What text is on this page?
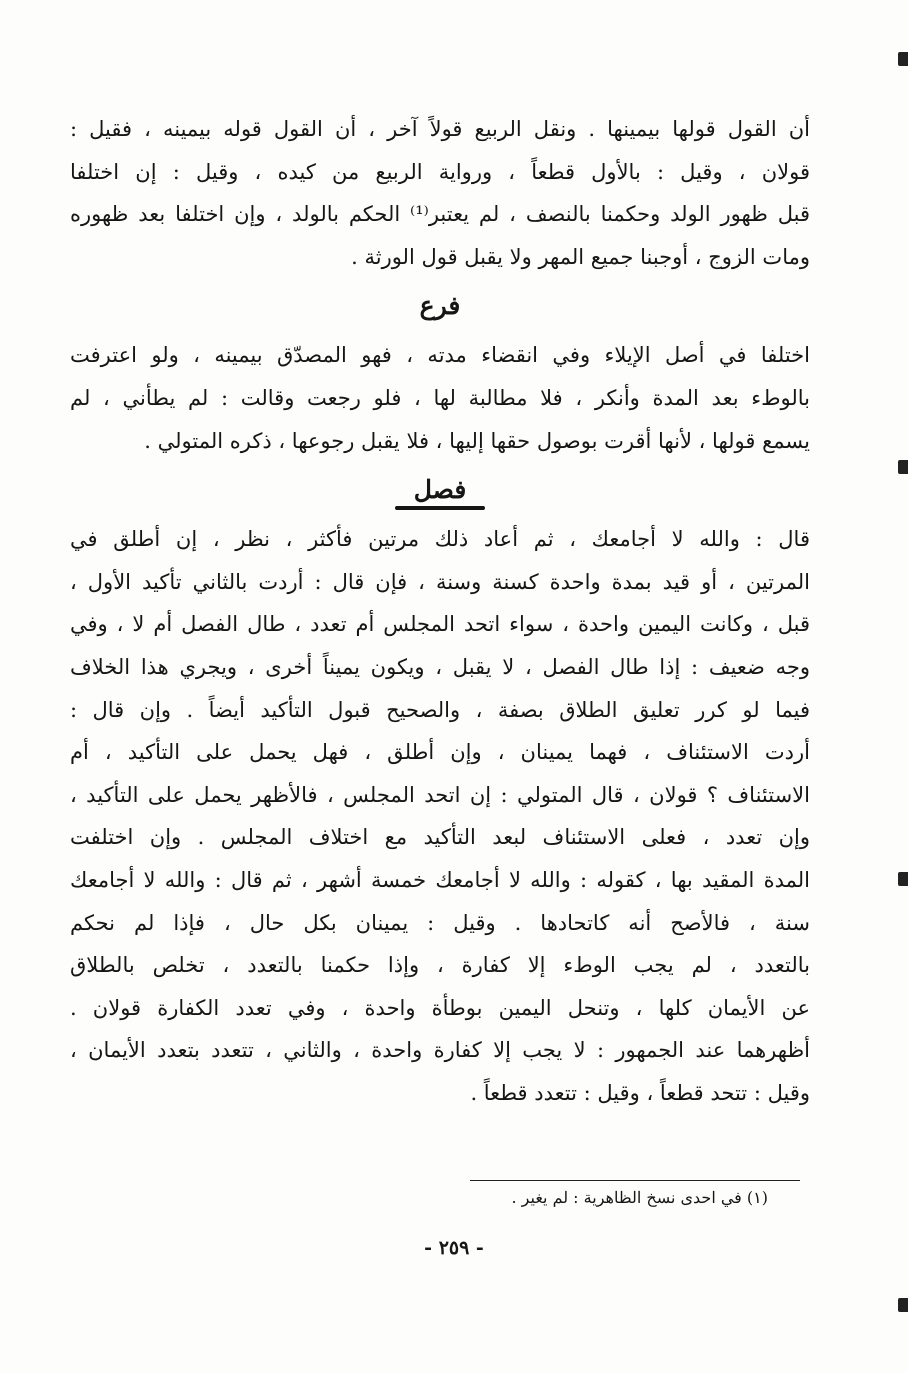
أن القول قولها بيمينها . ونقل الربيع قولاً آخر ، أن القول قوله بيمينه ، فقيل :
قولان ، وقيل : بالأول قطعاً ، ورواية الربيع من كيده ، وقيل : إن اختلفا
قبل ظهور الولد وحكمنا بالنصف ، لم يعتبر⁽¹⁾ الحكم بالولد ، وإن اختلفا بعد ظهوره
ومات الزوج ، أوجبنا جميع المهر ولا يقبل قول الورثة .

فرع

اختلفا في أصل الإيلاء وفي انقضاء مدته ، فهو المصدّق بيمينه ، ولو اعترفت
بالوطء بعد المدة وأنكر ، فلا مطالبة لها ، فلو رجعت وقالت : لم يطأني ، لم
يسمع قولها ، لأنها أقرت بوصول حقها إليها ، فلا يقبل رجوعها ، ذكره المتولي .

فصل

قال : والله لا أجامعك ، ثم أعاد ذلك مرتين فأكثر ، نظر ، إن أطلق في
المرتين ، أو قيد بمدة واحدة كسنة وسنة ، فإن قال : أردت بالثاني تأكيد الأول ،
قبل ، وكانت اليمين واحدة ، سواء اتحد المجلس أم تعدد ، طال الفصل أم لا ، وفي
وجه ضعيف : إذا طال الفصل ، لا يقبل ، ويكون يميناً أخرى ، ويجري هذا الخلاف
فيما لو كرر تعليق الطلاق بصفة ، والصحيح قبول التأكيد أيضاً . وإن قال :
أردت الاستئناف ، فهما يمينان ، وإن أطلق ، فهل يحمل على التأكيد ، أم
الاستئناف ؟ قولان ، قال المتولي : إن اتحد المجلس ، فالأظهر يحمل على التأكيد ،
وإن تعدد ، فعلى الاستئناف لبعد التأكيد مع اختلاف المجلس . وإن اختلفت
المدة المقيد بها ، كقوله : والله لا أجامعك خمسة أشهر ، ثم قال : والله لا أجامعك
سنة ، فالأصح أنه كاتحادها . وقيل : يمينان بكل حال ، فإذا لم نحكم
بالتعدد ، لم يجب الوطء إلا كفارة ، وإذا حكمنا بالتعدد ، تخلص بالطلاق
عن الأيمان كلها ، وتنحل اليمين بوطأة واحدة ، وفي تعدد الكفارة قولان .
أظهرهما عند الجمهور : لا يجب إلا كفارة واحدة ، والثاني ، تتعدد بتعدد الأيمان ،
وقيل : تتحد قطعاً ، وقيل : تتعدد قطعاً .

(١) في احدى نسخ الظاهرية : لم يغير .
- ٢٥٩ -
